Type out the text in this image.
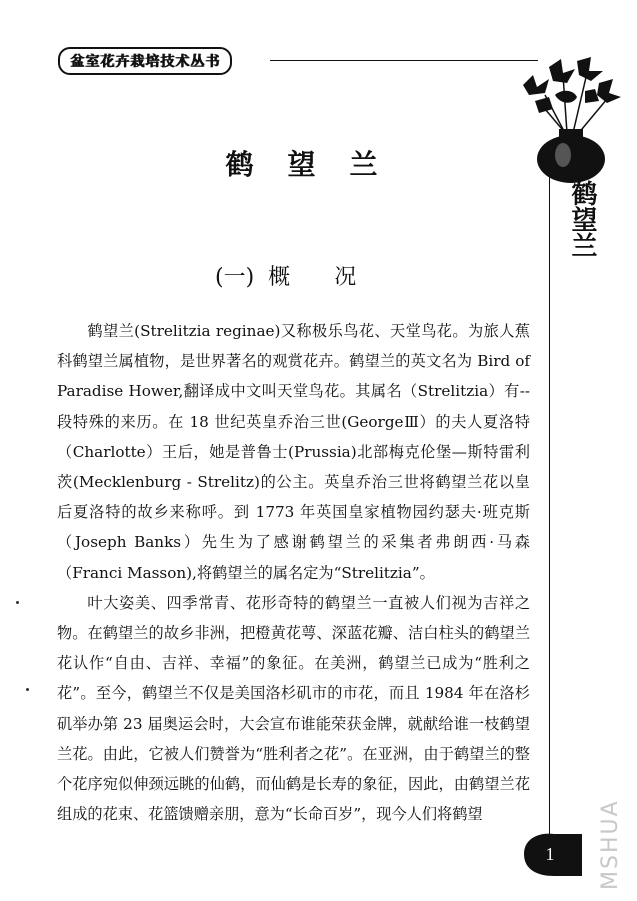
盆室花卉栽培技术丛书
鹤望兰
鹤望兰
(一) 概 况

鹤望兰(Strelitzia reginae)又称极乐鸟花、天堂鸟花。为旅人蕉科鹤望兰属植物，是世界著名的观赏花卉。鹤望兰的英文名为 Bird of Paradise Hower,翻译成中文叫天堂鸟花。其属名（Strelitzia）有--段特殊的来历。在 18 世纪英皇乔治三世(GeorgeⅢ）的夫人夏洛特（Charlotte）王后，她是普鲁士(Prussia)北部梅克伦堡—斯特雷利茨(Mecklenburg - Strelitz)的公主。英皇乔治三世将鹤望兰花以皇后夏洛特的故乡来称呼。到 1773 年英国皇家植物园约瑟夫·班克斯（Joseph Banks）先生为了感谢鹤望兰的采集者弗朗西·马森（Franci Masson),将鹤望兰的属名定为“Strelitzia”。

叶大姿美、四季常青、花形奇特的鹤望兰一直被人们视为吉祥之物。在鹤望兰的故乡非洲，把橙黄花萼、深蓝花瓣、洁白柱头的鹤望兰花认作“自由、吉祥、幸福”的象征。在美洲，鹤望兰已成为“胜利之花”。至今，鹤望兰不仅是美国洛杉矶市的市花，而且 1984 年在洛杉矶举办第 23 届奥运会时，大会宣布谁能荣获金牌，就献给谁一枝鹤望兰花。由此，它被人们赞誉为“胜利者之花”。在亚洲，由于鹤望兰的整个花序宛似伸颈远眺的仙鹤，而仙鹤是长寿的象征，因此，由鹤望兰花组成的花束、花篮馈赠亲朋，意为“长命百岁”，现今人们将鹤望

1 MSHUA
